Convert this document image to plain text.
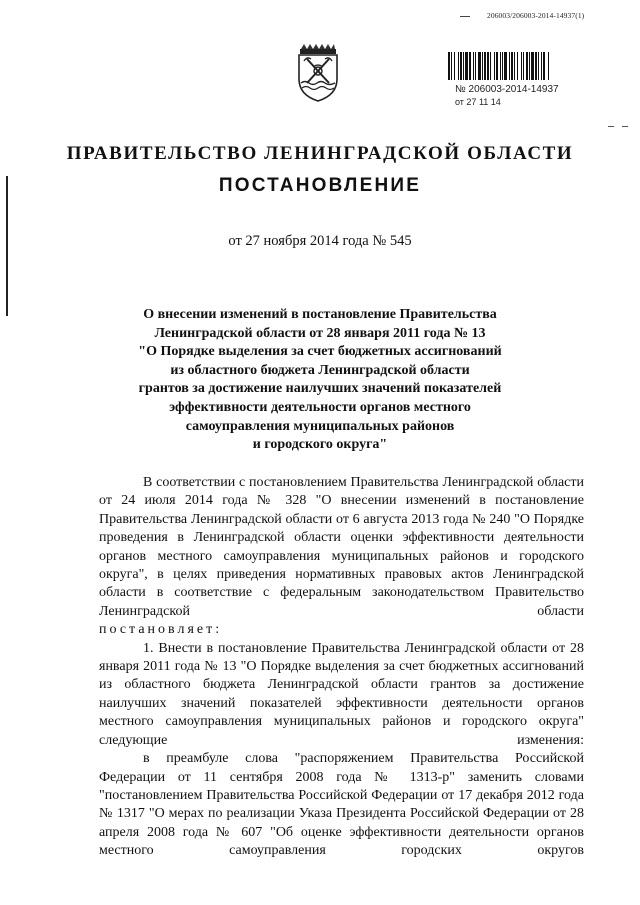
206003/206003-2014-14937(1)
№ 206003-2014-14937
от 27 11 14
ПРАВИТЕЛЬСТВО ЛЕНИНГРАДСКОЙ ОБЛАСТИ
ПОСТАНОВЛЕНИЕ
от 27 ноября 2014 года № 545
О внесении изменений в постановление Правительства
Ленинградской области от 28 января 2011 года № 13
"О Порядке выделения за счет бюджетных ассигнований
из областного бюджета Ленинградской области
грантов за достижение наилучших значений показателей
эффективности деятельности органов местного
самоуправления муниципальных районов
и городского округа"

В соответствии с постановлением Правительства Ленинградской области от 24 июля 2014 года № 328 "О внесении изменений в постановление Правительства Ленинградской области от 6 августа 2013 года № 240 "О Порядке проведения в Ленинградской области оценки эффективности деятельности органов местного самоуправления муниципальных районов и городского округа", в целях приведения нормативных правовых актов Ленинградской области в соответствие с федеральным законодательством Правительство Ленинградской области

постановляет:

1. Внести в постановление Правительства Ленинградской области от 28 января 2011 года № 13 "О Порядке выделения за счет бюджетных ассигнований из областного бюджета Ленинградской области грантов за достижение наилучших значений показателей эффективности деятельности органов местного самоуправления муниципальных районов и городского округа" следующие изменения:

в преамбуле слова "распоряжением Правительства Российской Федерации от 11 сентября 2008 года № 1313-р" заменить словами "постановлением Правительства Российской Федерации от 17 декабря 2012 года № 1317 "О мерах по реализации Указа Президента Российской Федерации от 28 апреля 2008 года № 607 "Об оценке эффективности деятельности органов местного самоуправления городских округов
